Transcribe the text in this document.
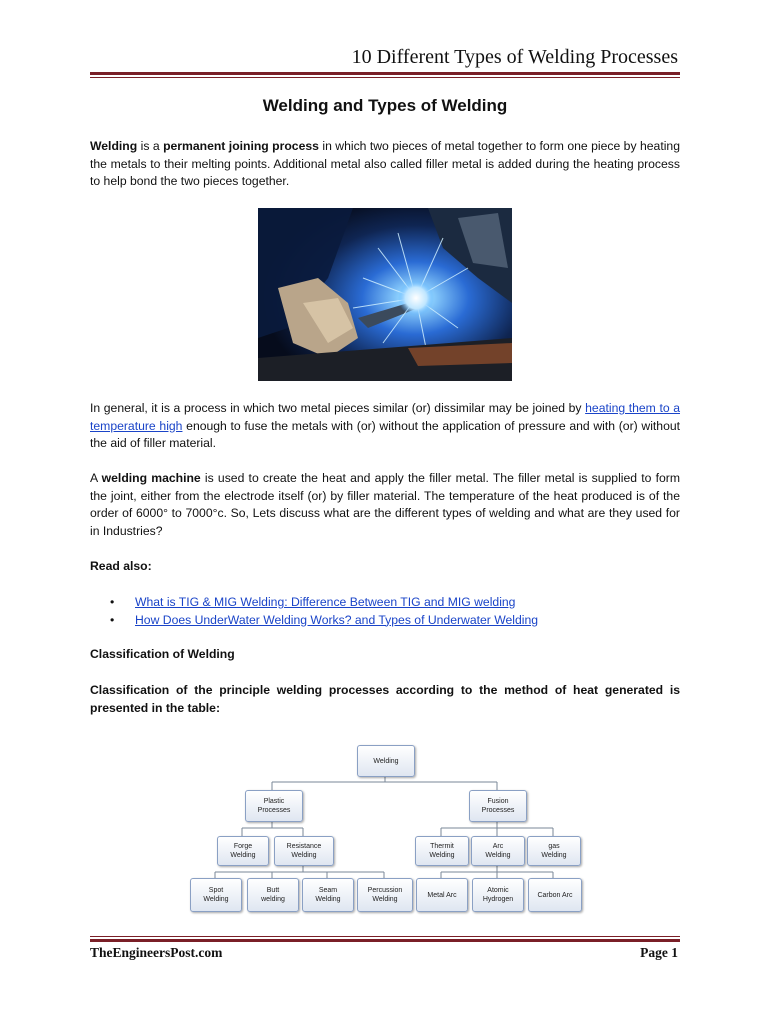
10 Different Types of Welding Processes
Welding and Types of Welding
Welding is a permanent joining process in which two pieces of metal together to form one piece by heating the metals to their melting points. Additional metal also called filler metal is added during the heating process to help bond the two pieces together.
In general, it is a process in which two metal pieces similar (or) dissimilar may be joined by heating them to a temperature high enough to fuse the metals with (or) without the application of pressure and with (or) without the aid of filler material.
A welding machine is used to create the heat and apply the filler metal. The filler metal is supplied to form the joint, either from the electrode itself (or) by filler material. The temperature of the heat produced is of the order of 6000° to 7000°c. So, Lets discuss what are the different types of welding and what are they used for in Industries?
Read also:
• What is TIG & MIG Welding: Difference Between TIG and MIG welding
• How Does UnderWater Welding Works? and Types of Underwater Welding
Classification of Welding
Classification of the principle welding processes according to the method of heat generated is presented in the table:
Welding
Plastic
Processes
Fusion
Processes
Forge
Welding
Resistance
Welding
Thermit
Welding
Arc
Welding
gas
Welding
Spot
Welding
Butt
welding
Seam
Welding
Percussion
Welding
Metal Arc
Atomic
Hydrogen
Carbon Arc
TheEngineersPost.com	Page 1
